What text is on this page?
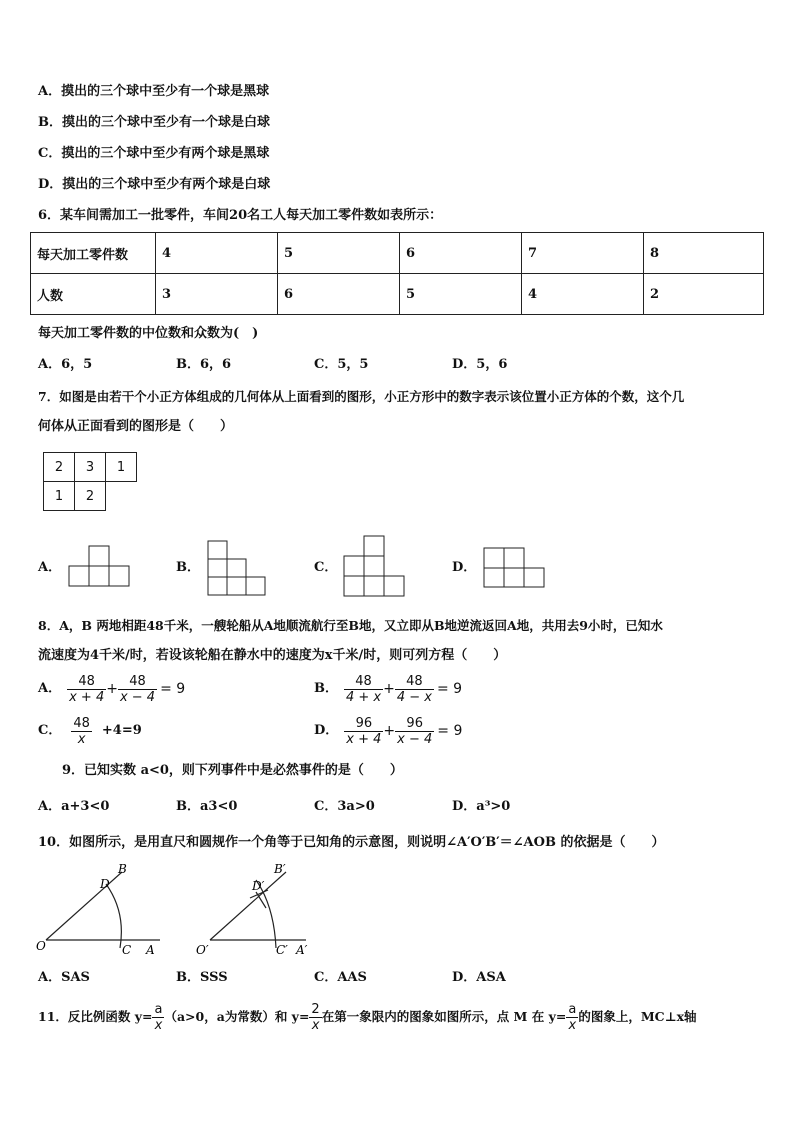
A．摸出的三个球中至少有一个球是黑球
B．摸出的三个球中至少有一个球是白球
C．摸出的三个球中至少有两个球是黑球
D．摸出的三个球中至少有两个球是白球
6．某车间需加工一批零件，车间20名工人每天加工零件数如表所示：
每天加工零件数	4	5	6	7	8
人数	3	6	5	4	2
每天加工零件数的中位数和众数为(　)
A．6，5	B．6，6	C．5，5	D．5，6
7．如图是由若干个小正方体组成的几何体从上面看到的图形，小正方形中的数字表示该位置小正方体的个数，这个几
何体从正面看到的图形是（　　）
2	3	1
1	2
A．	B．	C．	D．
8．A，B 两地相距48千米，一艘轮船从A地顺流航行至B地，又立即从B地逆流返回A地，共用去9小时，已知水
流速度为4千米/时，若设该轮船在静水中的速度为x千米/时，则可列方程（　　）
A． $\frac{48}{x + 4} + \frac{48}{x - 4} = 9$	B． $\frac{48}{4 + x} + \frac{48}{4 - x} = 9$
C． $\frac{48}{x} +4=9$	D． $\frac{96}{x + 4} + \frac{96}{x - 4} = 9$
9．已知实数 a<0，则下列事件中是必然事件的是（　　）
A．a+3<0	B．a3<0	C．3a>0	D．a³>0
10．如图所示，是用直尺和圆规作一个角等于已知角的示意图，则说明∠A′O′B′＝∠AOB 的依据是（　　）
B
D
O	C A
B′
D′
O′	C′ A′
A．SAS	B．SSS	C．AAS	D．ASA
11．反比例函数 $y= \frac{a}{x} (a>0$，a为常数）和 $y= \frac{2}{x}$ 在第一象限内的图象如图所示，点 M 在 $y= \frac{a}{x}$ 的图象上，MC⊥x轴
